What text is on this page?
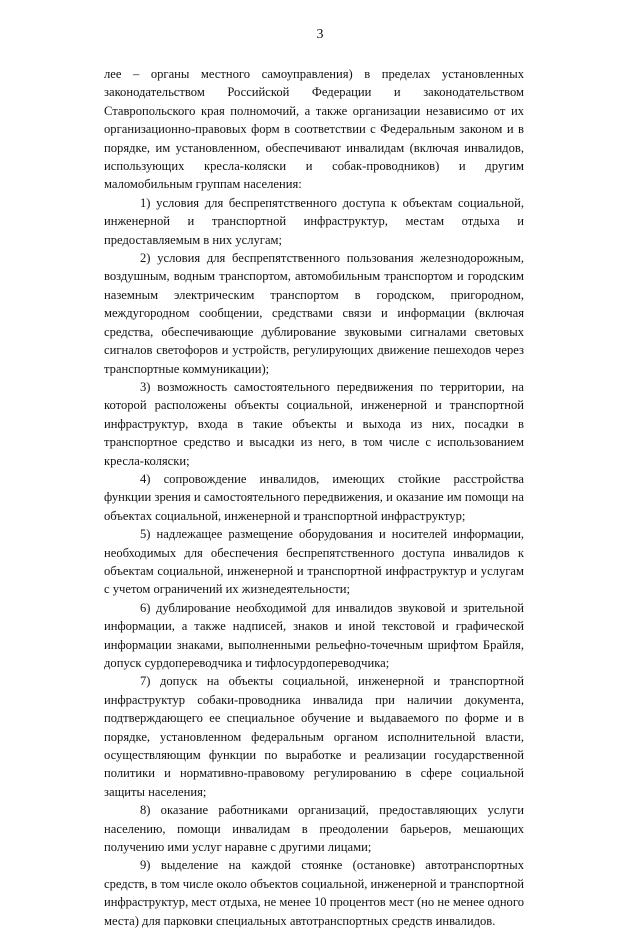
3

лее – органы местного самоуправления) в пределах установленных законодательством Российской Федерации и законодательством Ставропольского края полномочий, а также организации независимо от их организационно-правовых форм в соответствии с Федеральным законом и в порядке, им установленном, обеспечивают инвалидам (включая инвалидов, использующих кресла-коляски и собак-проводников) и другим маломобильным группам населения:

1) условия для беспрепятственного доступа к объектам социальной, инженерной и транспортной инфраструктур, местам отдыха и предоставляемым в них услугам;

2) условия для беспрепятственного пользования железнодорожным, воздушным, водным транспортом, автомобильным транспортом и городским наземным электрическим транспортом в городском, пригородном, междугородном сообщении, средствами связи и информации (включая средства, обеспечивающие дублирование звуковыми сигналами световых сигналов светофоров и устройств, регулирующих движение пешеходов через транспортные коммуникации);

3) возможность самостоятельного передвижения по территории, на которой расположены объекты социальной, инженерной и транспортной инфраструктур, входа в такие объекты и выхода из них, посадки в транспортное средство и высадки из него, в том числе с использованием кресла-коляски;

4) сопровождение инвалидов, имеющих стойкие расстройства функции зрения и самостоятельного передвижения, и оказание им помощи на объектах социальной, инженерной и транспортной инфраструктур;

5) надлежащее размещение оборудования и носителей информации, необходимых для обеспечения беспрепятственного доступа инвалидов к объектам социальной, инженерной и транспортной инфраструктур и услугам с учетом ограничений их жизнедеятельности;

6) дублирование необходимой для инвалидов звуковой и зрительной информации, а также надписей, знаков и иной текстовой и графической информации знаками, выполненными рельефно-точечным шрифтом Брайля, допуск сурдопереводчика и тифлосурдопереводчика;

7) допуск на объекты социальной, инженерной и транспортной инфраструктур собаки-проводника инвалида при наличии документа, подтверждающего ее специальное обучение и выдаваемого по форме и в порядке, установленном федеральным органом исполнительной власти, осуществляющим функции по выработке и реализации государственной политики и нормативно-правовому регулированию в сфере социальной защиты населения;

8) оказание работниками организаций, предоставляющих услуги населению, помощи инвалидам в преодолении барьеров, мешающих получению ими услуг наравне с другими лицами;

9) выделение на каждой стоянке (остановке) автотранспортных средств, в том числе около объектов социальной, инженерной и транспортной инфраструктур, мест отдыха, не менее 10 процентов мест (но не менее одного места) для парковки специальных автотранспортных средств инвалидов.
